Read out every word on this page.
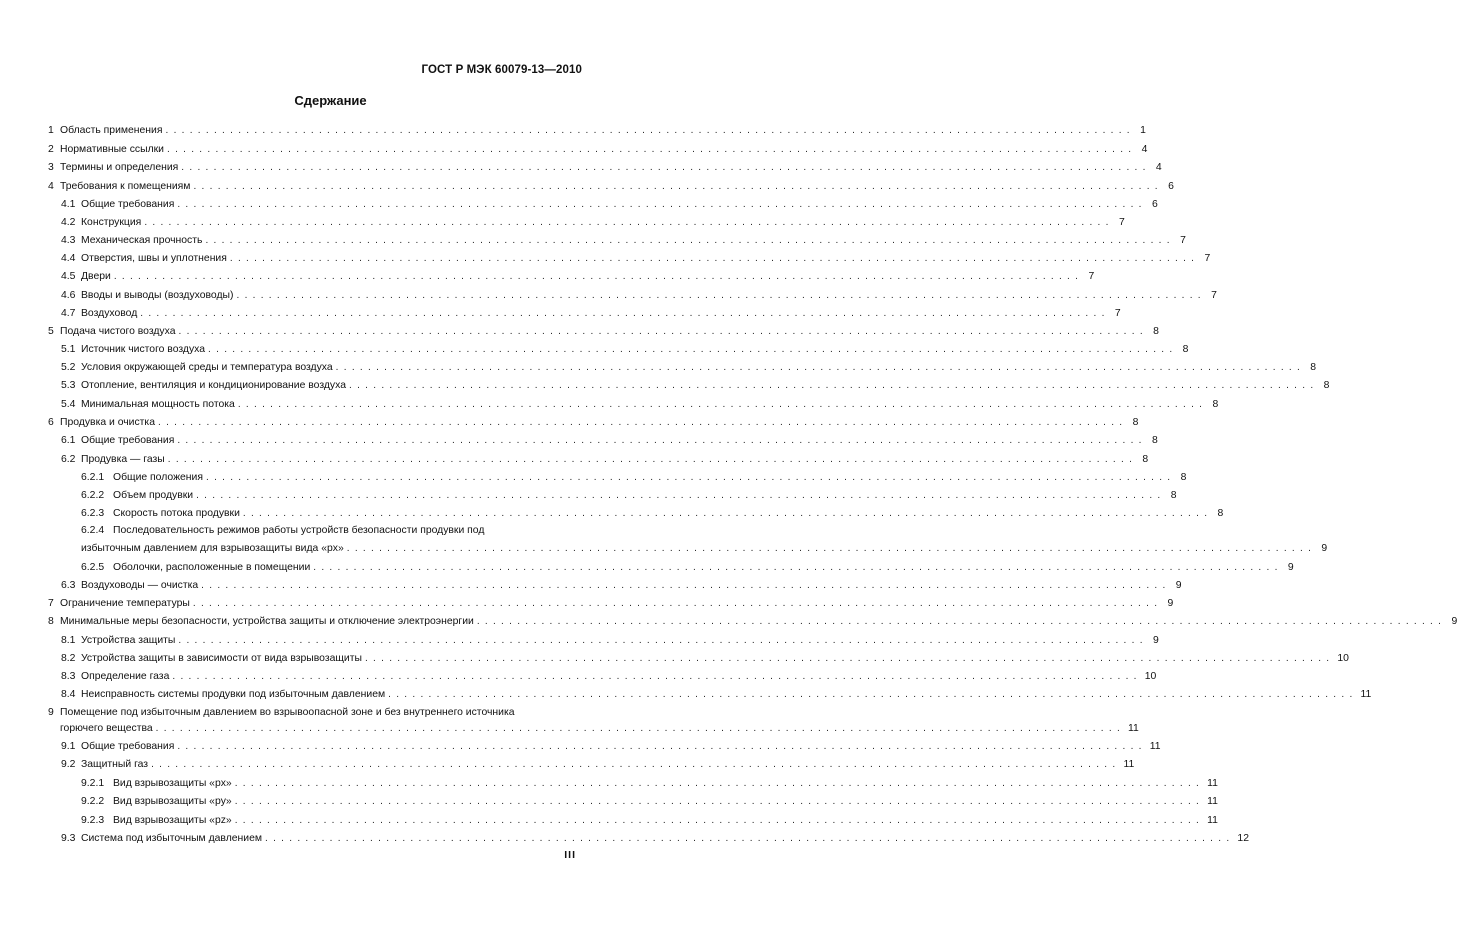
ГОСТ Р МЭК 60079-13—2010
Сдержание
1 Область применения ........................................................................................................................ 1
2 Нормативные ссылки ........................................................................................................................ 4
3 Термины и определения ........................................................................................................................ 4
4 Требования к помещениям ........................................................................................................................ 6
4.1 Общие требования ........................................................................................................................ 6
4.2 Конструкция ........................................................................................................................ 7
4.3 Механическая прочность ........................................................................................................................ 7
4.4 Отверстия, швы и уплотнения ........................................................................................................................ 7
4.5 Двери ........................................................................................................................ 7
4.6 Вводы и выводы (воздуховоды) ........................................................................................................................ 7
4.7 Воздуховод ........................................................................................................................ 7
5 Подача чистого воздуха ........................................................................................................................ 8
5.1 Источник чистого воздуха ........................................................................................................................ 8
5.2 Условия окружающей среды и температура воздуха ........................................................................................................................ 8
5.3 Отопление, вентиляция и кондиционирование воздуха ........................................................................................................................ 8
5.4 Минимальная мощность потока ........................................................................................................................ 8
6 Продувка и очистка ........................................................................................................................ 8
6.1 Общие требования ........................................................................................................................ 8
6.2 Продувка — газы ........................................................................................................................ 8
6.2.1 Общие положения ........................................................................................................................ 8
6.2.2 Объем продувки ........................................................................................................................ 8
6.2.3 Скорость потока продувки ........................................................................................................................ 8
6.2.4 Последовательность режимов работы устройств безопасности продувки под
избыточным давлением для взрывозащиты вида «px» ........................................................................................................................ 9
6.2.5 Оболочки, расположенные в помещении ........................................................................................................................ 9
6.3 Воздуховоды — очистка ........................................................................................................................ 9
7 Ограничение температуры ........................................................................................................................ 9
8 Минимальные меры безопасности, устройства защиты и отключение электроэнергии ........................................................................................................................ 9
8.1 Устройства защиты ........................................................................................................................ 9
8.2 Устройства защиты в зависимости от вида взрывозащиты ........................................................................................................................ 10
8.3 Определение газа ........................................................................................................................ 10
8.4 Неисправность системы продувки под избыточным давлением ........................................................................................................................ 11
9 Помещение под избыточным давлением во взрывоопасной зоне и без внутреннего источника
горючего вещества ........................................................................................................................ 11
9.1 Общие требования ........................................................................................................................ 11
9.2 Защитный газ ........................................................................................................................ 11
9.2.1 Вид взрывозащиты «px» ........................................................................................................................ 11
9.2.2 Вид взрывозащиты «py» ........................................................................................................................ 11
9.2.3 Вид взрывозащиты «pz» ........................................................................................................................ 11
9.3 Система под избыточным давлением ........................................................................................................................ 12
III
